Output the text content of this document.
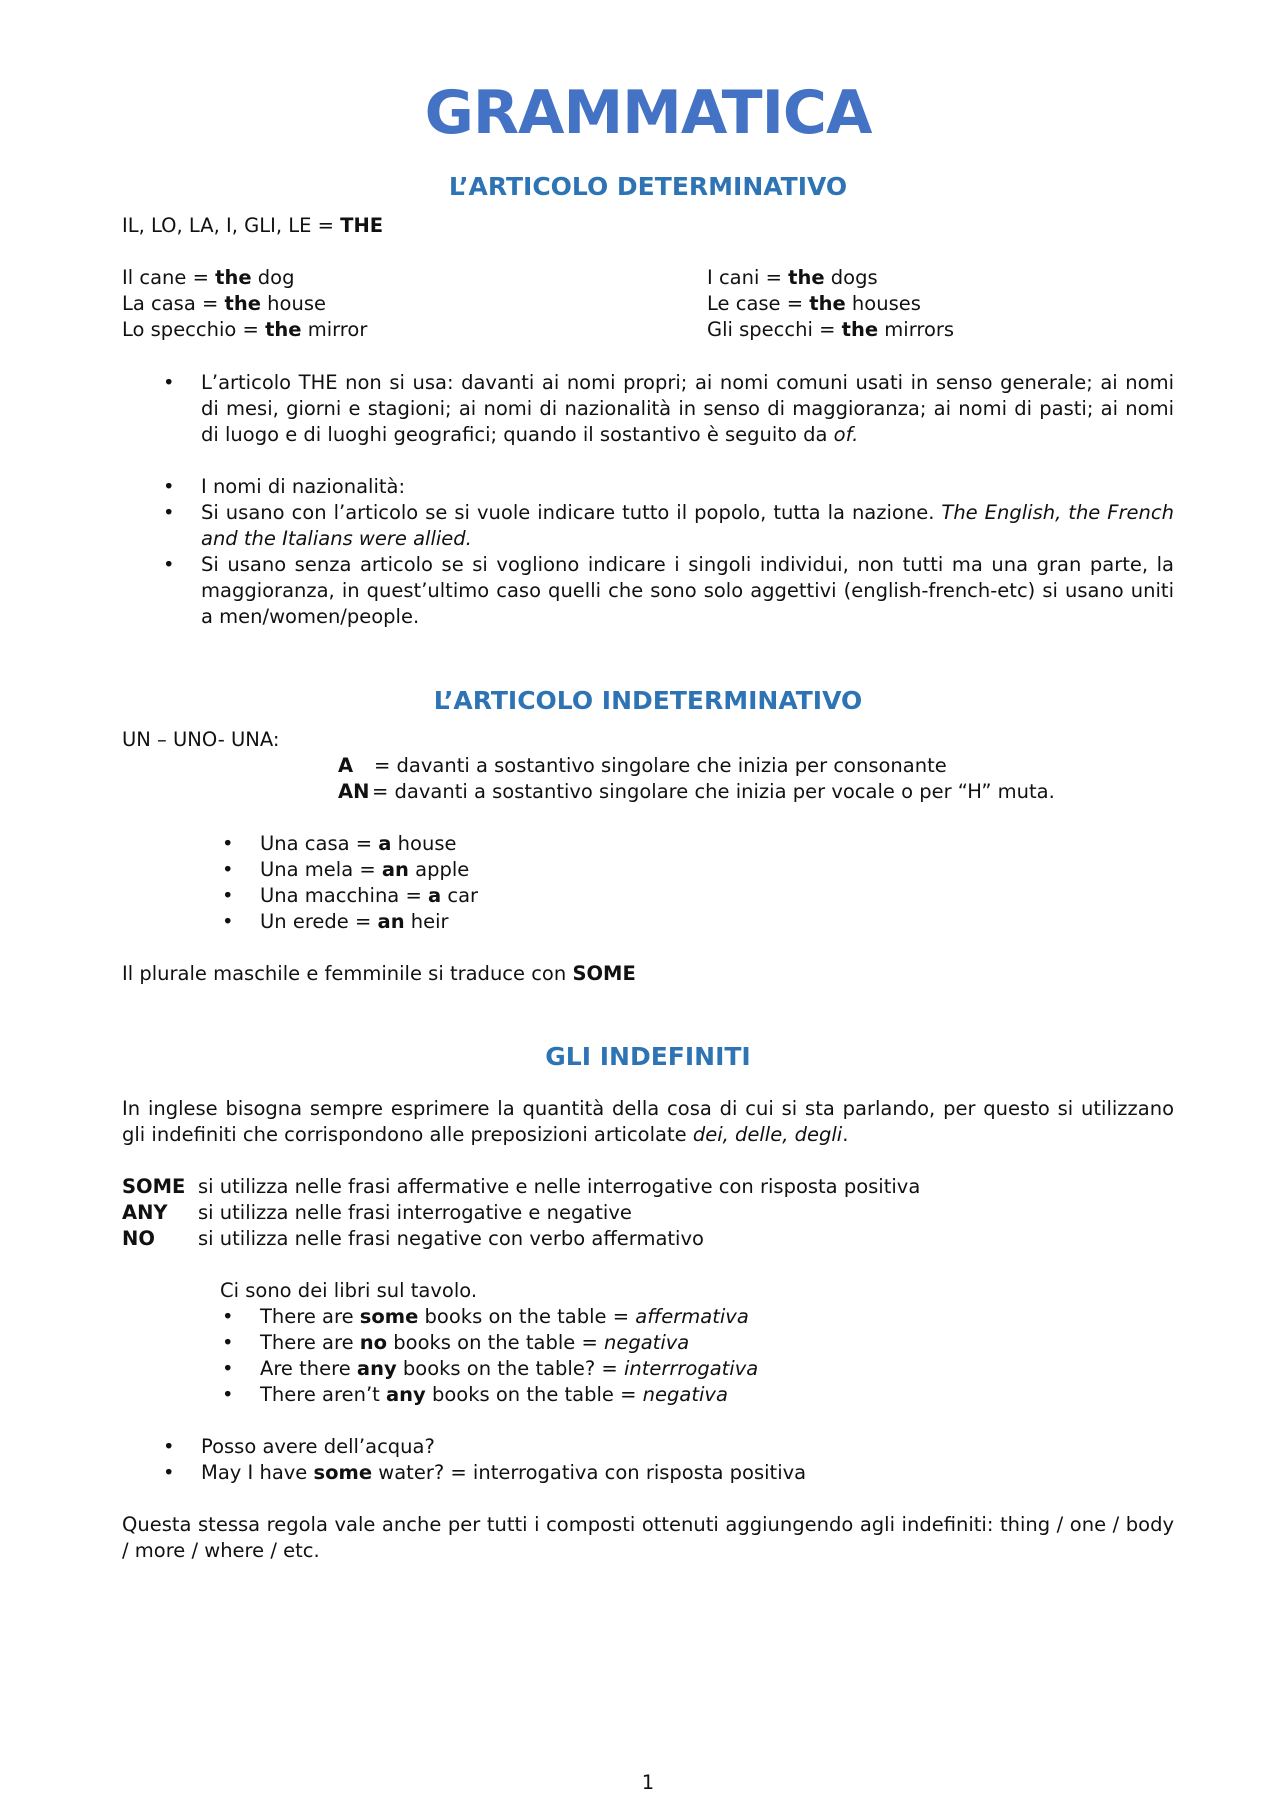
GRAMMATICA
L’ARTICOLO DETERMINATIVO
IL, LO, LA, I, GLI, LE = THE
Il cane = the dog
La casa = the house
Lo specchio = the mirror
I cani = the dogs
Le case = the houses
Gli specchi = the mirrors
• L’articolo THE non si usa: davanti ai nomi propri; ai nomi comuni usati in senso generale; ai nomi di mesi, giorni e stagioni; ai nomi di nazionalità in senso di maggioranza; ai nomi di pasti; ai nomi di luogo e di luoghi geografici; quando il sostantivo è seguito da of.
• I nomi di nazionalità:
• Si usano con l’articolo se si vuole indicare tutto il popolo, tutta la nazione. The English, the French and the Italians were allied.
• Si usano senza articolo se si vogliono indicare i singoli individui, non tutti ma una gran parte, la maggioranza, in quest’ultimo caso quelli che sono solo aggettivi (english-french-etc) si usano uniti a men/women/people.
L’ARTICOLO INDETERMINATIVO
UN – UNO- UNA:
A = davanti a sostantivo singolare che inizia per consonante
AN = davanti a sostantivo singolare che inizia per vocale o per “H” muta.
• Una casa = a house
• Una mela = an apple
• Una macchina = a car
• Un erede = an heir
Il plurale maschile e femminile si traduce con SOME
GLI INDEFINITI
In inglese bisogna sempre esprimere la quantità della cosa di cui si sta parlando, per questo si utilizzano gli indefiniti che corrispondono alle preposizioni articolate dei, delle, degli.
SOME si utilizza nelle frasi affermative e nelle interrogative con risposta positiva
ANY si utilizza nelle frasi interrogative e negative
NO si utilizza nelle frasi negative con verbo affermativo
Ci sono dei libri sul tavolo.
• There are some books on the table = affermativa
• There are no books on the table = negativa
• Are there any books on the table? = interrrogativa
• There aren’t any books on the table = negativa
• Posso avere dell’acqua?
• May I have some water? = interrogativa con risposta positiva
Questa stessa regola vale anche per tutti i composti ottenuti aggiungendo agli indefiniti: thing / one / body / more / where / etc.
1
